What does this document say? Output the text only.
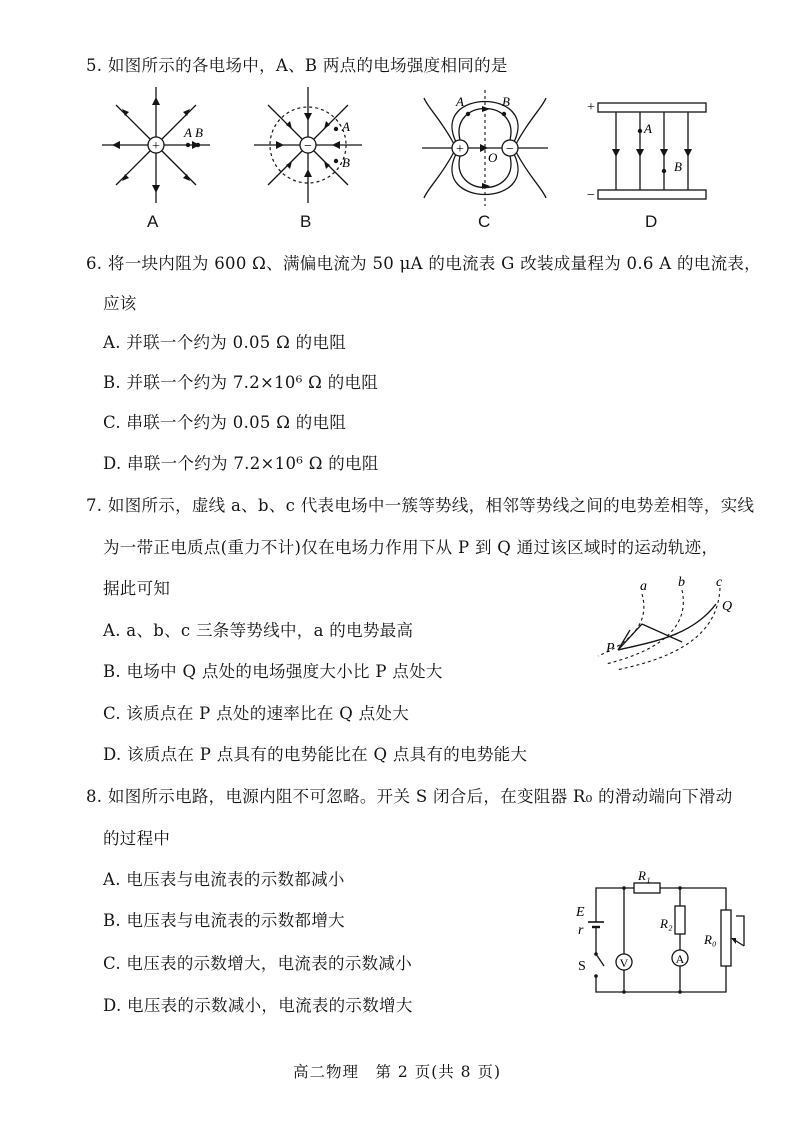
5. 如图所示的各电场中，A、B 两点的电场强度相同的是
+
A B
A
−
A
B
B
+	−
A	B
O
C
+
−
A
B
D
6. 将一块内阻为 600 Ω、满偏电流为 50 μA 的电流表 G 改装成量程为 0.6 A 的电流表，
应该
A. 并联一个约为 0.05 Ω 的电阻
B. 并联一个约为 7.2×10⁶ Ω 的电阻
C. 串联一个约为 0.05 Ω 的电阻
D. 串联一个约为 7.2×10⁶ Ω 的电阻
7. 如图所示，虚线 a、b、c 代表电场中一簇等势线，相邻等势线之间的电势差相等，实线
为一带正电质点(重力不计)仅在电场力作用下从 P 到 Q 通过该区域时的运动轨迹，
据此可知
A. a、b、c 三条等势线中，a 的电势最高
B. 电场中 Q 点处的电场强度大小比 P 点处大
C. 该质点在 P 点处的速率比在 Q 点处大
D. 该质点在 P 点具有的电势能比在 Q 点具有的电势能大
a b c
P
Q
8. 如图所示电路，电源内阻不可忽略。开关 S 闭合后，在变阻器 R₀ 的滑动端向下滑动
的过程中
A. 电压表与电流表的示数都减小
B. 电压表与电流表的示数都增大
C. 电压表的示数增大，电流表的示数减小
D. 电压表的示数减小，电流表的示数增大
V	A
E
r
S
R₁
R₂
R₀
高二物理　第 2 页(共 8 页)
